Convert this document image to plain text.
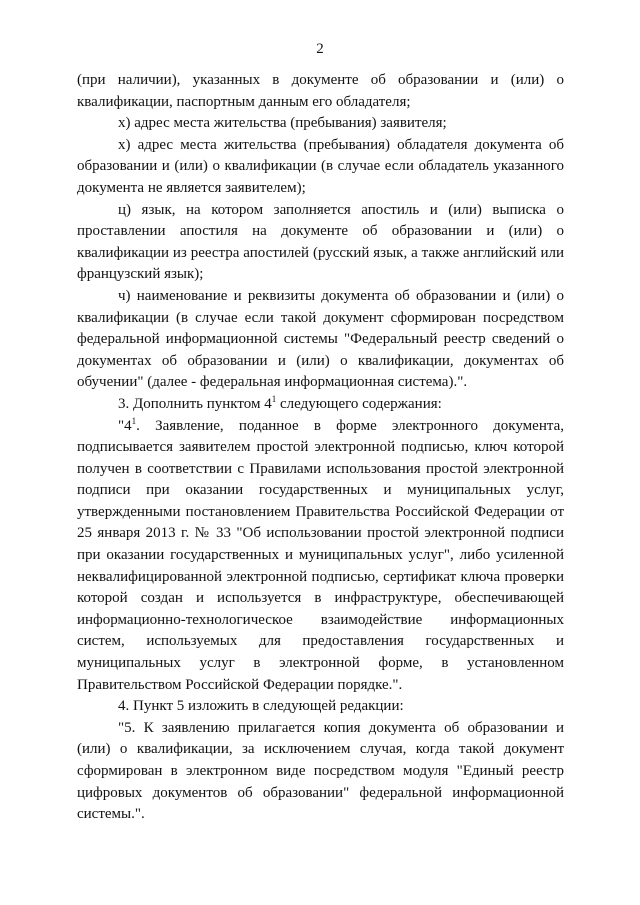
2

(при наличии), указанных в документе об образовании и (или) о квалификации, паспортным данным его обладателя;

х) адрес места жительства (пребывания) заявителя;

х) адрес места жительства (пребывания) обладателя документа об образовании и (или) о квалификации (в случае если обладатель указанного документа не является заявителем);

ц) язык, на котором заполняется апостиль и (или) выписка о проставлении апостиля на документе об образовании и (или) о квалификации из реестра апостилей (русский язык, а также английский или французский язык);

ч) наименование и реквизиты документа об образовании и (или) о квалификации (в случае если такой документ сформирован посредством федеральной информационной системы "Федеральный реестр сведений о документах об образовании и (или) о квалификации, документах об обучении" (далее - федеральная информационная система).".

3. Дополнить пунктом $4^1$ следующего содержания:

"$4^1$. Заявление, поданное в форме электронного документа, подписывается заявителем простой электронной подписью, ключ которой получен в соответствии с Правилами использования простой электронной подписи при оказании государственных и муниципальных услуг, утвержденными постановлением Правительства Российской Федерации от 25 января 2013 г. № 33 "Об использовании простой электронной подписи при оказании государственных и муниципальных услуг", либо усиленной неквалифицированной электронной подписью, сертификат ключа проверки которой создан и используется в инфраструктуре, обеспечивающей информационно-технологическое взаимодействие информационных систем, используемых для предоставления государственных и муниципальных услуг в электронной форме, в установленном Правительством Российской Федерации порядке.".

4. Пункт 5 изложить в следующей редакции:

"5. К заявлению прилагается копия документа об образовании и (или) о квалификации, за исключением случая, когда такой документ сформирован в электронном виде посредством модуля "Единый реестр цифровых документов об образовании" федеральной информационной системы.".
